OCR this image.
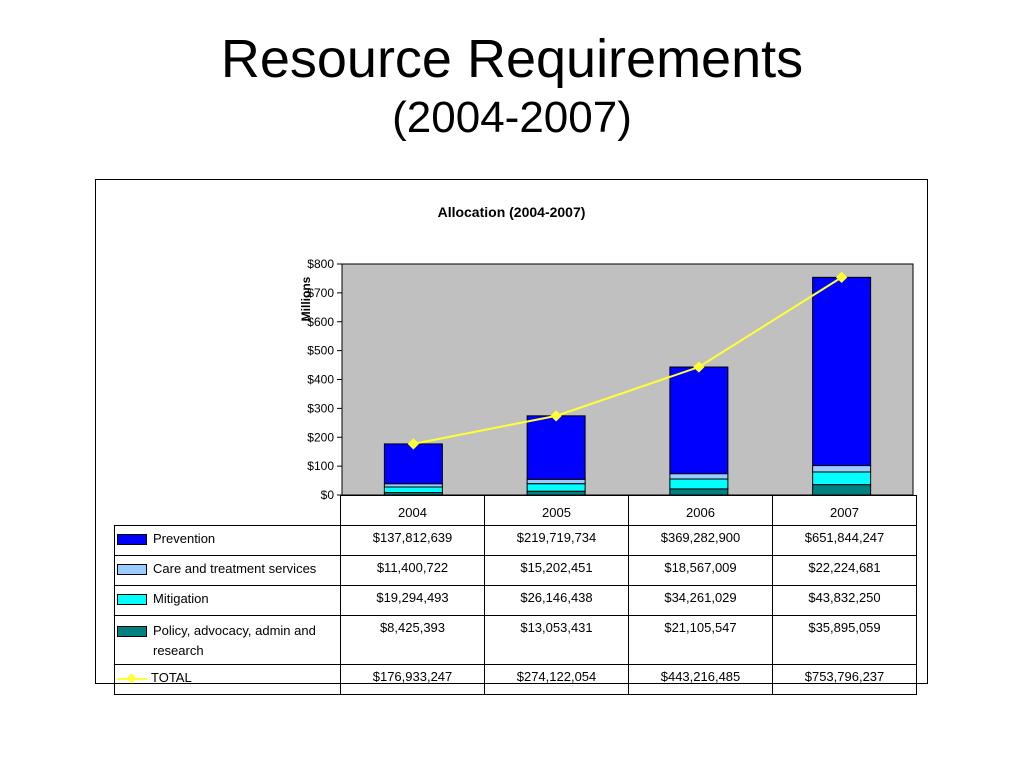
Resource Requirements
(2004-2007)
Allocation (2004-2007)
Millions
$0
$100
$200
$300
$400
$500
$600
$700
$800
	2004	2005	2006	2007
Prevention	$137,812,639	$219,719,734	$369,282,900	$651,844,247
Care and treatment services	$11,400,722	$15,202,451	$18,567,009	$22,224,681
Mitigation	$19,294,493	$26,146,438	$34,261,029	$43,832,250

Policy, advocacy, admin and research	$8,425,393	$13,053,431	$21,105,547	$35,895,059
TOTAL	$176,933,247	$274,122,054	$443,216,485	$753,796,237
